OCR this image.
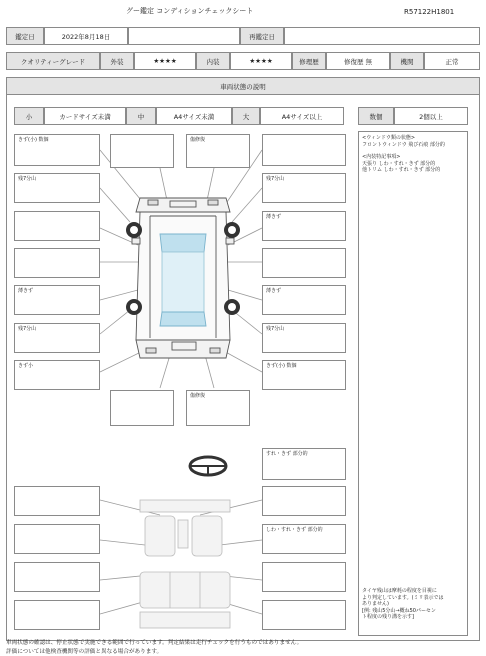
グー鑑定 コンディションチェックシート	R57122H1801
鑑定日	2022年8月18日	再鑑定日
クオリティーグレード	外装	★★★★	内装	★★★★	修理歴	修復歴 無	機関	正常
車両状態の説明
小	カードサイズ未満	中	A4サイズ未満	大	A4サイズ以上	数個	2個以上
<ウィンドウ類の状態>
フロントウィンドウ 飛び石痕 部分的
<内装特記事項>
天張り しわ・すれ・きず 部分的
他トリム しわ・すれ・きず 部分的
タイヤ残山は摩耗の程度を目視に
より判定しています。(ミリ表示では
ありません)
[例: 残山5分山→概ね50パーセン
ト程度の残り溝を示す]
きず(小) 数個
残7分山
薄きず
残7分山
きず小
傷修復
残7分山
薄きず
薄きず
残7分山
きず(小) 数個
傷修復
すれ・きず 部分的
しわ・すれ・きず 部分的
車両状態の確認は、停止状態で実施できる範囲で行っています。判定結果は走行チェックを行うものではありません。
評価については他検査機関等の評価と異なる場合があります。
